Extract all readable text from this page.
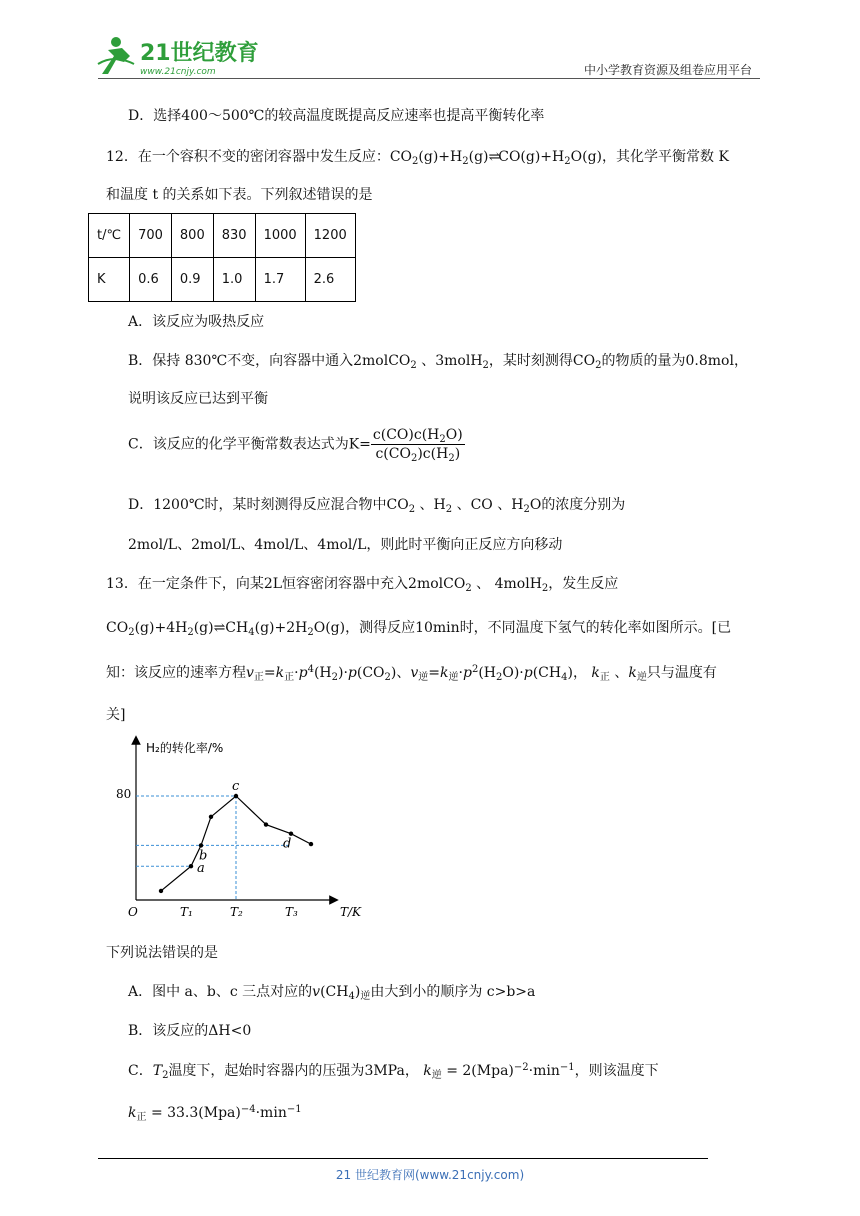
21世纪教育
www.21cnjy.com	中小学教育资源及组卷应用平台
D．选择400～500℃的较高温度既提高反应速率也提高平衡转化率
12．在一个容积不变的密闭容器中发生反应：$CO_2(g)+H_2(g)\rightleftharpoons CO(g)+H_2O(g)$，其化学平衡常数 K
和温度 t 的关系如下表。下列叙述错误的是
t/℃	700	800	830	1000	1200
K	0.6	0.9	1.0	1.7	2.6
A．该反应为吸热反应
B．保持 830℃不变，向容器中通入2molCO$_2$ 、3molH$_2$，某时刻测得$CO_2$的物质的量为0.8mol，
说明该反应已达到平衡
C．该反应的化学平衡常数表达式为$K= \frac{c(CO)c(H_2O)}{c(CO_2)c(H_2)}$
D．1200℃时，某时刻测得反应混合物中$CO_2$ 、$H_2$ 、CO 、$H_2O$的浓度分别为
2mol/L、2mol/L、4mol/L、4mol/L，则此时平衡向正反应方向移动
13．在一定条件下，向某2L恒容密闭容器中充入2molCO$_2$ 、 4molH$_2$，发生反应
$CO_2(g)+4H_2(g)\rightleftharpoons CH_4(g)+2H_2O(g)$，测得反应10min时，不同温度下氢气的转化率如图所示。[已
知：该反应的速率方程$v_正=k_正\cdot p^4(H_2)\cdot p(CO_2)$、$v_逆=k_逆\cdot p^2(H_2O)\cdot p(CH_4)$， $k_正$ 、$k_逆$只与温度有
关]
H₂的转化率/%
T/K
O
80
T₁	T₂	T₃
a
b
c
d
下列说法错误的是
A．图中 a、b、c 三点对应的$v(CH_4)_逆$由大到小的顺序为 c>b>a
B．该反应的ΔH<0
C．$T_2$温度下，起始时容器内的压强为3MPa， $k_逆 = 2(Mpa)^{-2}\cdot\min^{-1}$，则该温度下
$k_正 = 33.3(Mpa)^{-4}\cdot\min^{-1}$
21 世纪教育网(www.21cnjy.com)
